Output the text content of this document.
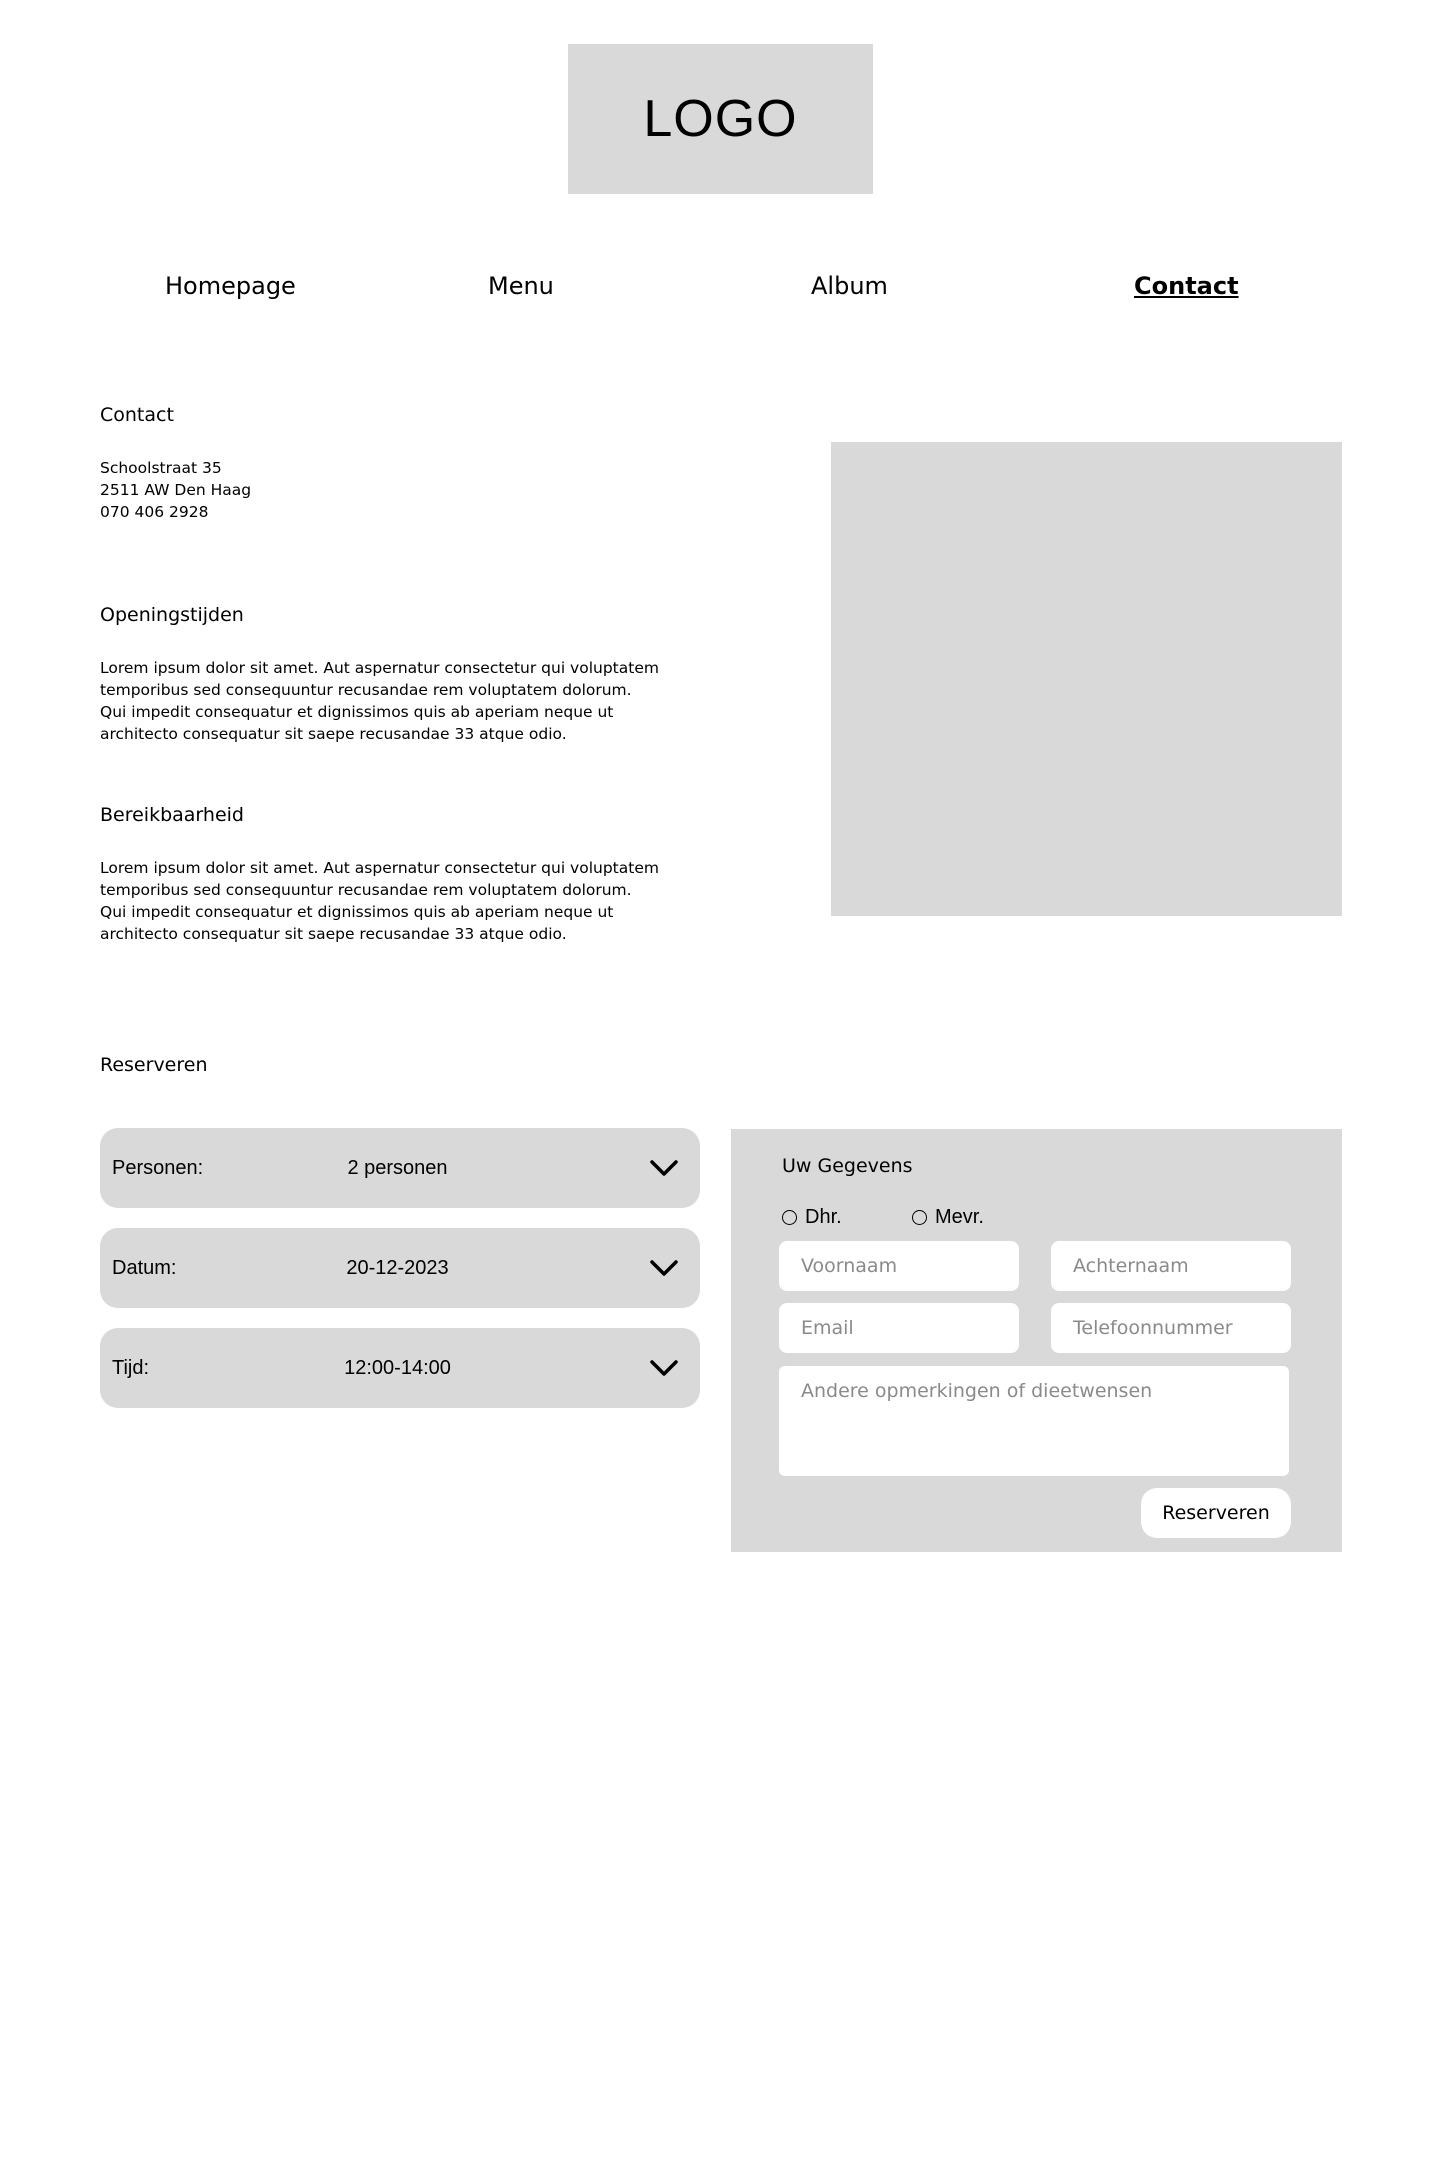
LOGO
Homepage	Menu	Album	Contact
Contact
Schoolstraat 35
2511 AW Den Haag
070 406 2928
Openingstijden
Lorem ipsum dolor sit amet. Aut aspernatur consectetur qui voluptatem temporibus sed consequuntur recusandae rem voluptatem dolorum. Qui impedit consequatur et dignissimos quis ab aperiam neque ut architecto consequatur sit saepe recusandae 33 atque odio.
Bereikbaarheid
Lorem ipsum dolor sit amet. Aut aspernatur consectetur qui voluptatem temporibus sed consequuntur recusandae rem voluptatem dolorum. Qui impedit consequatur et dignissimos quis ab aperiam neque ut architecto consequatur sit saepe recusandae 33 atque odio.
Reserveren
Personen:	2 personen
Datum:	20-12-2023
Tijd:	12:00-14:00
Uw Gegevens
Dhr.	Mevr.
Voornaam
Achternaam
Email
Telefoonnummer
Andere opmerkingen of dieetwensen
Reserveren
